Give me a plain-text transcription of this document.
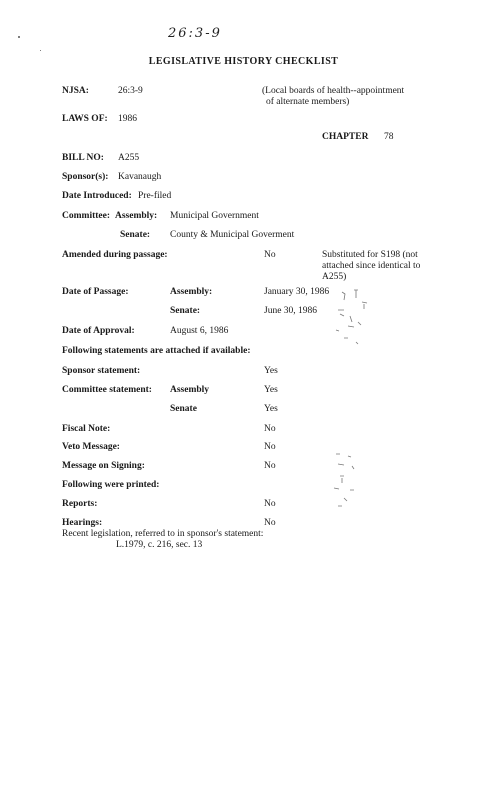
26:3-9
LEGISLATIVE HISTORY CHECKLIST
NJSA:	26:3-9	(Local boards of health--appointment
of alternate members)
LAWS OF: 1986
CHAPTER 78
BILL NO: A255
Sponsor(s): Kavanaugh
Date Introduced: Pre-filed
Committee: Assembly: Municipal Government
Senate: County & Municipal Goverment
Amended during passage:	No	Substituted for S198 (not
attached since identical to
A255)
Date of Passage:	Assembly:	January 30, 1986
Senate:	June 30, 1986
Date of Approval:	August 6, 1986
Following statements are attached if available:
Sponsor statement:	Yes
Committee statement: Assembly	Yes
Senate	Yes
Fiscal Note:	No
Veto Message:	No
Message on Signing:	No
Following were printed:
Reports:	No
Hearings:	No
Recent legislation, referred to in sponsor's statement:
L.1979, c. 216, sec. 13
